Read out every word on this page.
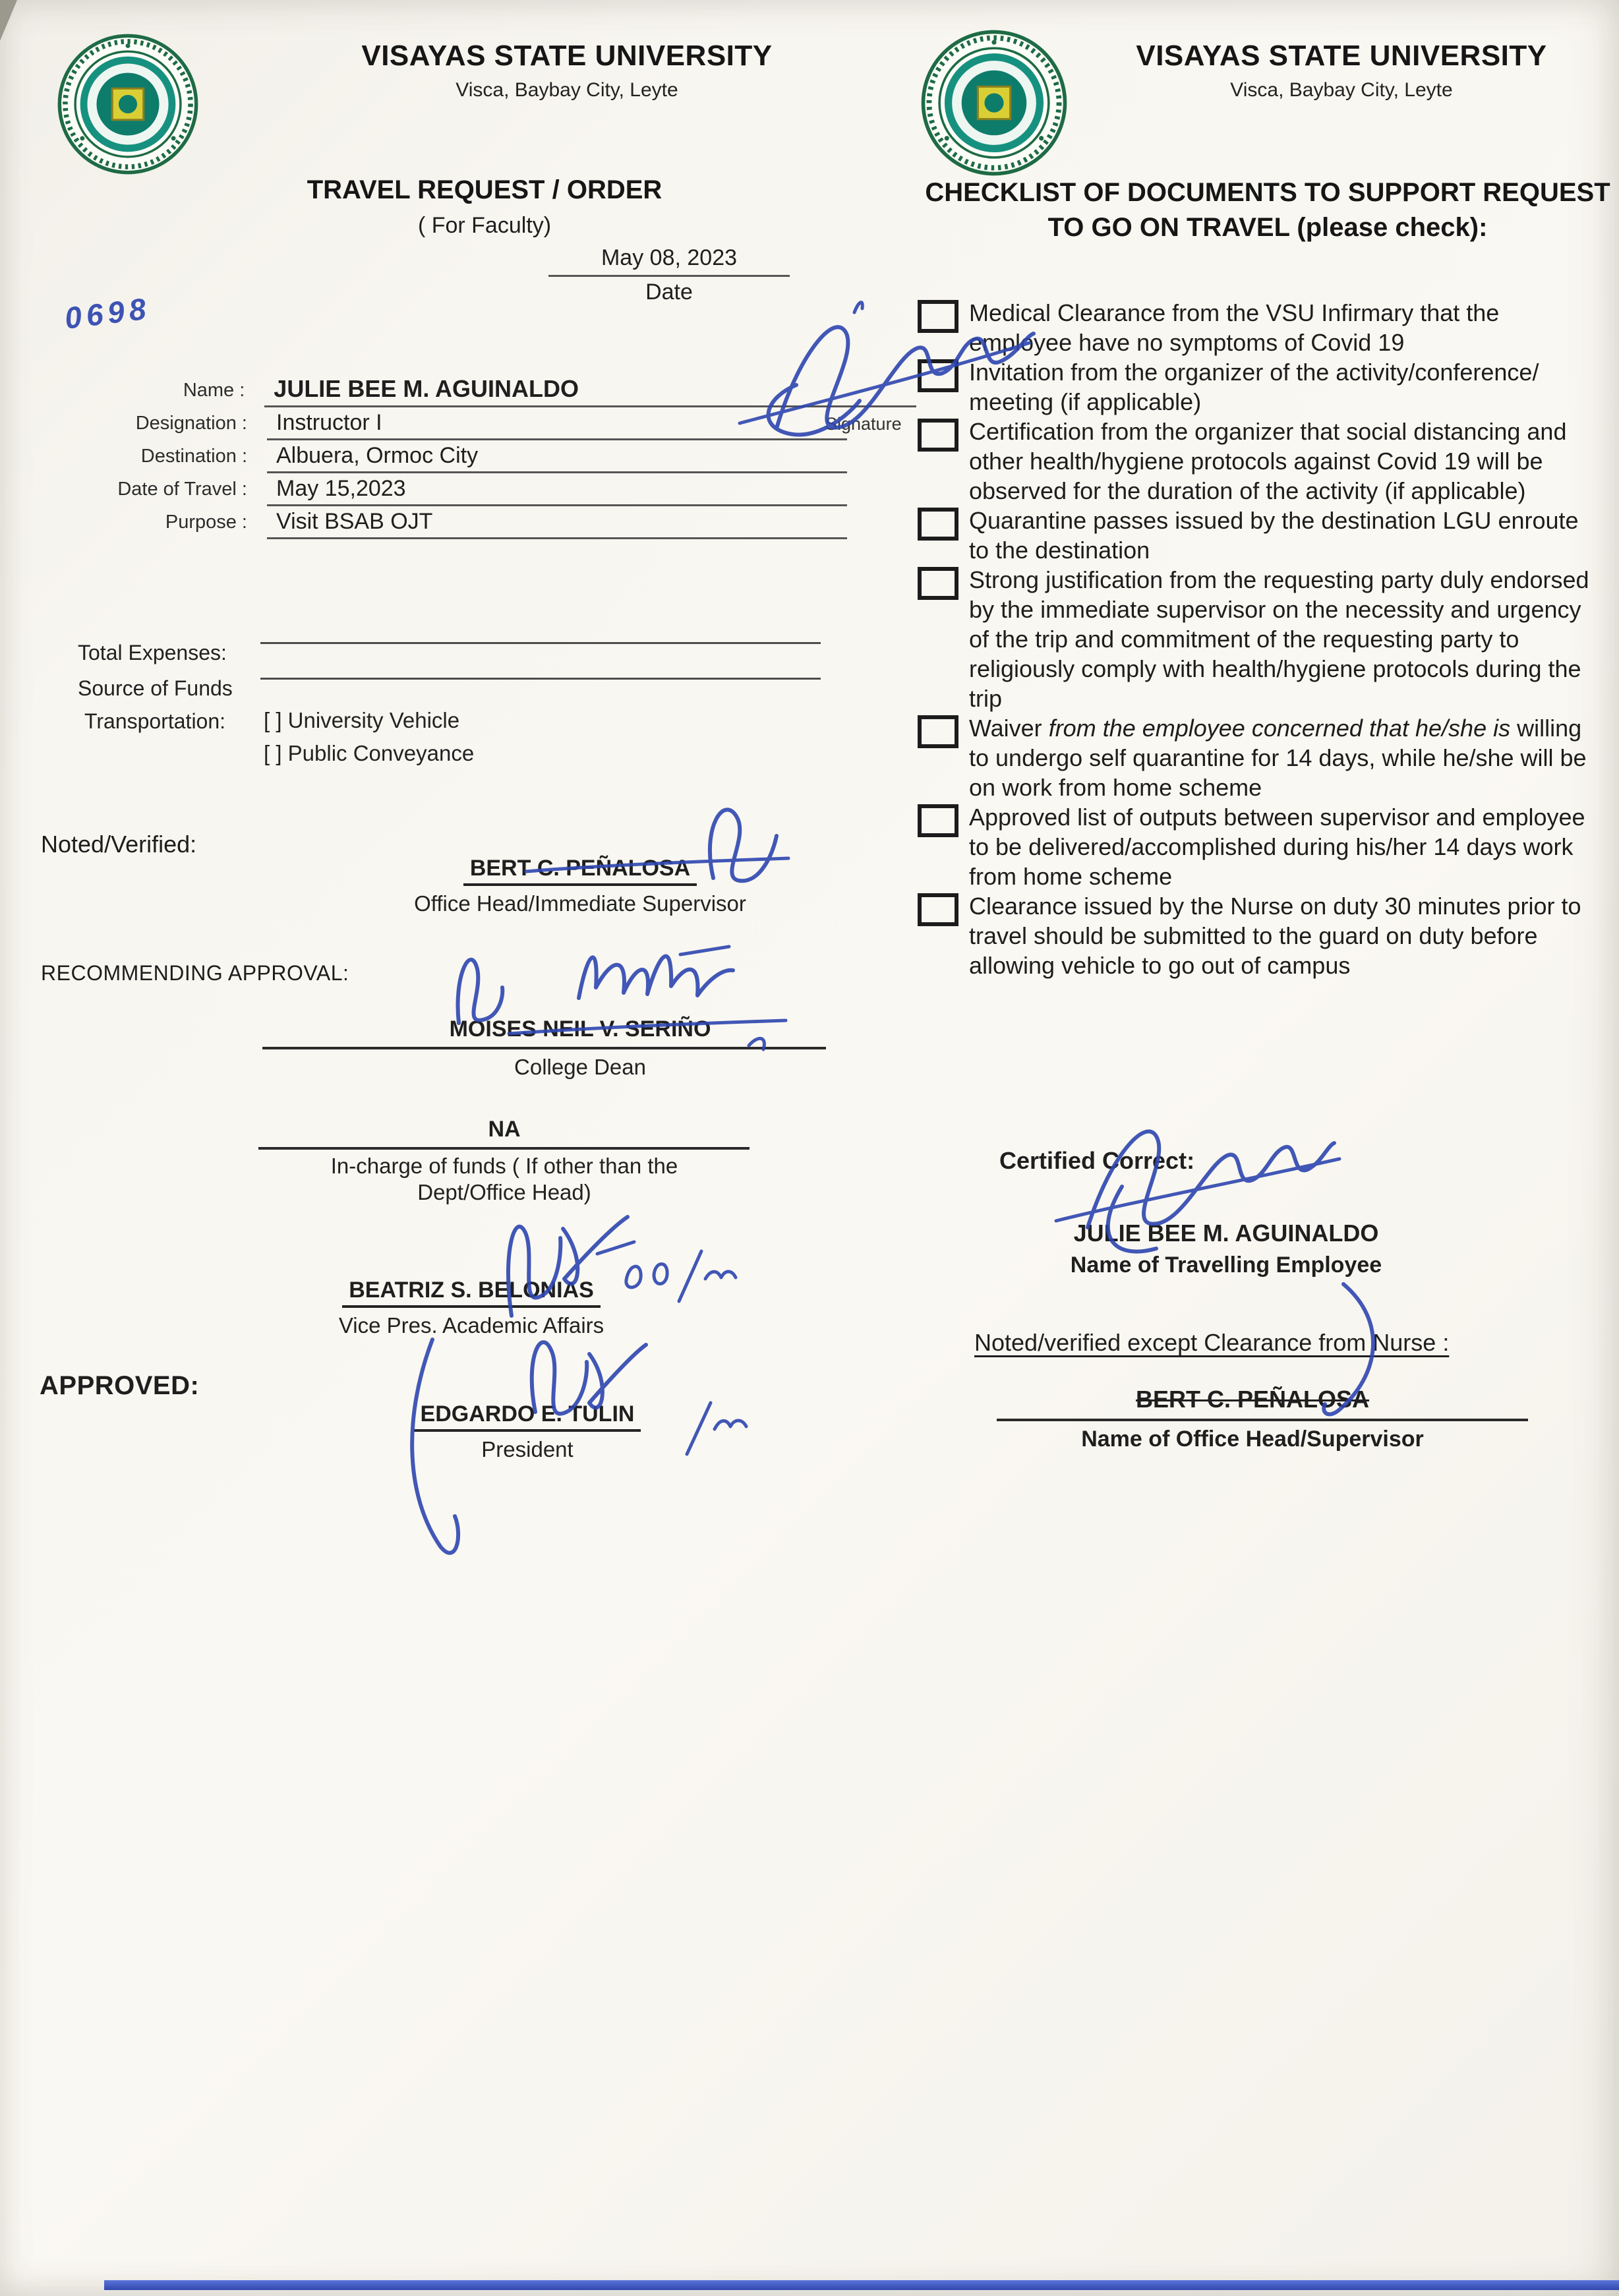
VISAYAS STATE UNIVERSITY
Visca, Baybay City, Leyte
TRAVEL REQUEST / ORDER
( For Faculty)
May 08, 2023
Date
0698
Name :	JULIE BEE M. AGUINALDO
Designation :	Instructor I
Destination :	Albuera, Ormoc City
Date of Travel :	May 15,2023
Purpose :	Visit BSAB OJT
Signature
Total Expenses:
Source of Funds
Transportation: [ ] University Vehicle
[ ] Public Conveyance
Noted/Verified:
BERT C. PEÑALOSA
Office Head/Immediate Supervisor
RECOMMENDING APPROVAL:
MOISES NEIL V. SERIÑO
College Dean
NA
In-charge of funds ( If other than the
Dept/Office Head)
BEATRIZ S. BELONIAS
Vice Pres. Academic Affairs
APPROVED:
EDGARDO E. TULIN
President
VISAYAS STATE UNIVERSITY
Visca, Baybay City, Leyte
CHECKLIST OF DOCUMENTS TO SUPPORT REQUEST
TO GO ON TRAVEL (please check):
Medical Clearance from the VSU Infirmary that the employee have no symptoms of Covid 19
Invitation from the organizer of the activity/conference/ meeting (if applicable)
Certification from the organizer that social distancing and other health/hygiene protocols against Covid 19 will be observed for the duration of the activity (if applicable)
Quarantine passes issued by the destination LGU enroute to the destination
Strong justification from the requesting party duly endorsed by the immediate supervisor on the necessity and urgency of the trip and commitment of the requesting party to religiously comply with health/hygiene protocols during the trip
Waiver from the employee concerned that he/she is willing to undergo self quarantine for 14 days, while he/she will be on work from home scheme
Approved list of outputs between supervisor and employee to be delivered/accomplished during his/her 14 days work from home scheme
Clearance issued by the Nurse on duty 30 minutes prior to travel should be submitted to the guard on duty before allowing vehicle to go out of campus
Certified Correct:
JULIE BEE M. AGUINALDO
Name of Travelling Employee
Noted/verified except Clearance from Nurse :
BERT C. PEÑALOSA
Name of Office Head/Supervisor
